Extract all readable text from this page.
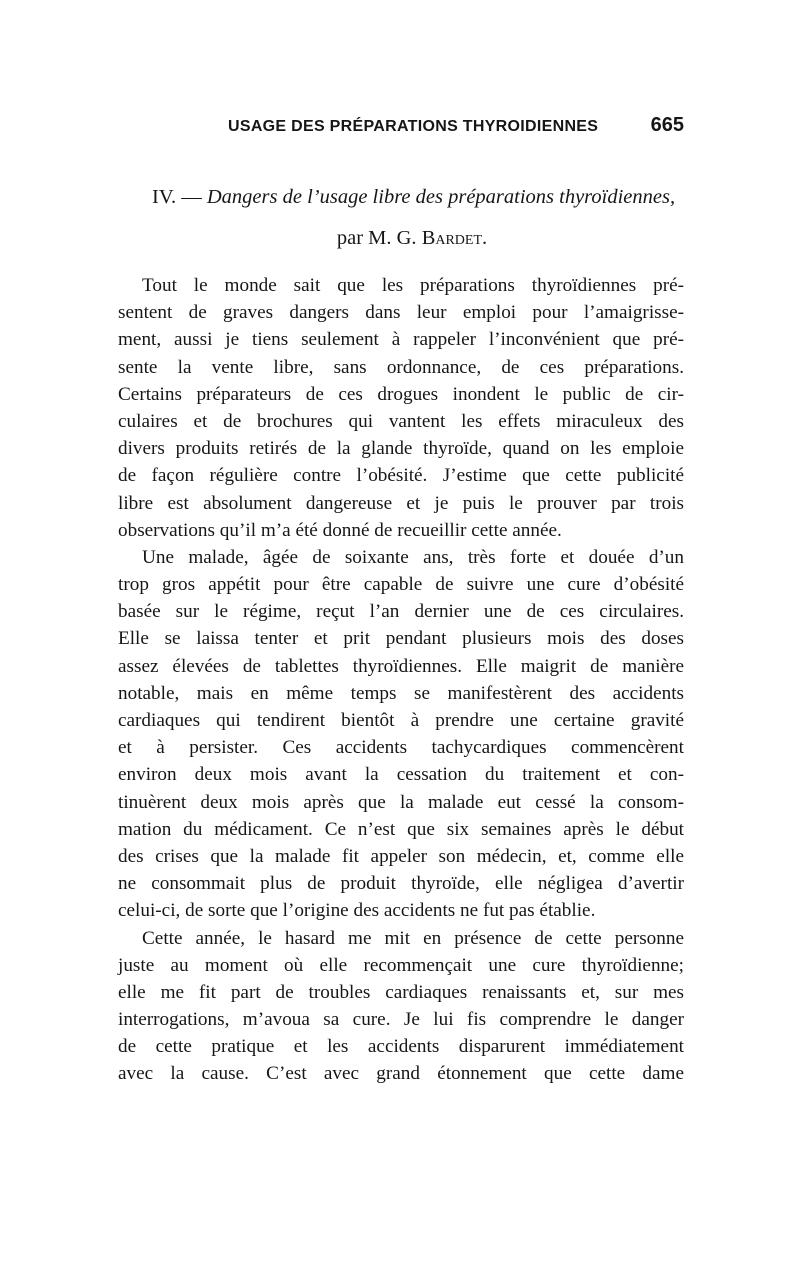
USAGE DES PRÉPARATIONS THYROIDIENNES	665
IV. — Dangers de l’usage libre des préparations thyroïdiennes,
par M. G. Bardet.
Tout le monde sait que les préparations thyroïdiennes pré-
sentent de graves dangers dans leur emploi pour l’amaigrisse-
ment, aussi je tiens seulement à rappeler l’inconvénient que pré-
sente la vente libre, sans ordonnance, de ces préparations.
Certains préparateurs de ces drogues inondent le public de cir-
culaires et de brochures qui vantent les effets miraculeux des
divers produits retirés de la glande thyroïde, quand on les emploie
de façon régulière contre l’obésité. J’estime que cette publicité
libre est absolument dangereuse et je puis le prouver par trois
observations qu’il m’a été donné de recueillir cette année.
Une malade, âgée de soixante ans, très forte et douée d’un
trop gros appétit pour être capable de suivre une cure d’obésité
basée sur le régime, reçut l’an dernier une de ces circulaires.
Elle se laissa tenter et prit pendant plusieurs mois des doses
assez élevées de tablettes thyroïdiennes. Elle maigrit de manière
notable, mais en même temps se manifestèrent des accidents
cardiaques qui tendirent bientôt à prendre une certaine gravité
et à persister. Ces accidents tachycardiques commencèrent
environ deux mois avant la cessation du traitement et con-
tinuèrent deux mois après que la malade eut cessé la consom-
mation du médicament. Ce n’est que six semaines après le début
des crises que la malade fit appeler son médecin, et, comme elle
ne consommait plus de produit thyroïde, elle négligea d’avertir
celui-ci, de sorte que l’origine des accidents ne fut pas établie.
Cette année, le hasard me mit en présence de cette personne
juste au moment où elle recommençait une cure thyroïdienne;
elle me fit part de troubles cardiaques renaissants et, sur mes
interrogations, m’avoua sa cure. Je lui fis comprendre le danger
de cette pratique et les accidents disparurent immédiatement
avec la cause. C’est avec grand étonnement que cette dame
